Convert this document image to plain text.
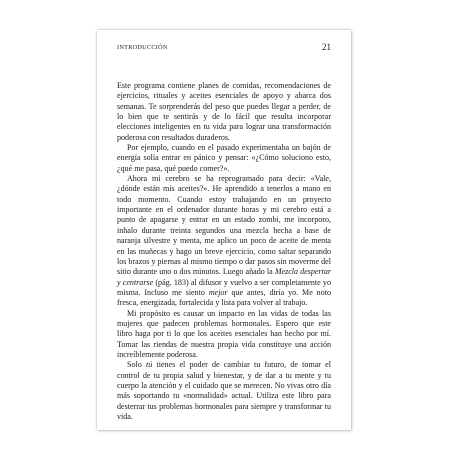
INTRODUCCIÓN	21

Este programa contiene planes de comidas, recomendaciones de ejercicios, rituales y aceites esenciales de apoyo y abarca dos semanas. Te sorprenderás del peso que puedes llegar a perder, de lo bien que te sentirás y de lo fácil que resulta incorporar elecciones inteligentes en tu vida para lograr una transformación poderosa con resultados duraderos.

Por ejemplo, cuando en el pasado experimentaba un bajón de energía solía entrar en pánico y pensar: «¿Cómo soluciono esto, ¿qué me pasa, qué puedo comer?».

Ahora mi cerebro se ha reprogramado para decir: «Vale, ¿dónde están mis aceites?». He aprendido a tenerlos a mano en todo momento. Cuando estoy trabajando en un proyecto importante en el ordenador durante horas y mi cerebro está a punto de apagarse y entrar en un estado zombi, me incorporo, inhalo durante treinta segundos una mezcla hecha a base de naranja silvestre y menta, me aplico un poco de aceite de menta en las muñecas y hago un breve ejercicio, como saltar separando los brazos y piernas al mismo tiempo o dar pasos sin moverme del sitio durante uno o dos minutos. Luego añado la Mezcla despertar y centrarse (pág. 183) al difusor y vuelvo a ser completamente yo misma. Incluso me siento mejor que antes, diría yo. Me noto fresca, energizada, fortalecida y lista para volver al trabajo.

Mi propósito es causar un impacto en las vidas de todas las mujeres que padecen problemas hormonales. Espero que este libro haga por ti lo que los aceites esenciales han hecho por mí. Tomar las riendas de nuestra propia vida constituye una acción increíblemente poderosa.

Solo tú tienes el poder de cambiar tu futuro, de tomar el control de tu propia salud y bienestar, y de dar a tu mente y tu cuerpo la atención y el cuidado que se merecen. No vivas otro día más soportando tu «normalidad» actual. Utiliza este libro para desterrar tus problemas hormonales para siempre y transformar tu vida.
